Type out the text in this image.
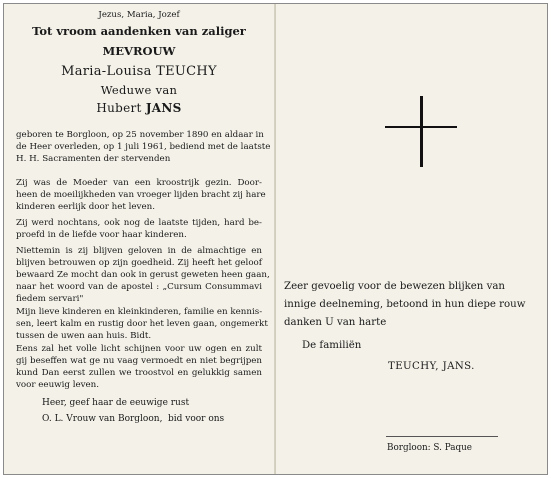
Jezus, Maria, Jozef
Tot vroom aandenken van zaliger
MEVROUW
Maria-Louisa TEUCHY
Weduwe van
Hubert JANS
geboren te Borgloon, op 25 november 1890 en aldaar in
de Heer overleden, op 1 juli 1961, bediend met de laatste
H. H. Sacramenten der stervenden
Zij was de Moeder van een kroostrijk gezin. Door-
heen de moeilijkheden van vroeger lijden bracht zij hare
kinderen eerlijk door het leven.
Zij werd nochtans, ook nog de laatste tijden, hard be-
proefd in de liefde voor haar kinderen.
Niettemin is zij blijven geloven in de almachtige en
blijven betrouwen op zijn goedheid. Zij heeft het geloof
bewaard Ze mocht dan ook in gerust geweten heen gaan,
naar het woord van de apostel : „Cursum Consummavi
fiedem servari"
Mijn lieve kinderen en kleinkinderen, familie en kennis-
sen, leert kalm en rustig door het leven gaan, ongemerkt
tussen de uwen aan huis. Bidt.
Eens zal het volle licht schijnen voor uw ogen en zult
gij beseffen wat ge nu vaag vermoedt en niet begrijpen
kund Dan eerst zullen we troostvol en gelukkig samen
voor eeuwig leven.
Heer, geef haar de eeuwige rust
O. L. Vrouw van Borgloon, bid voor ons
Zeer gevoelig voor de bewezen blijken van
innige deelneming, betoond in hun diepe rouw
danken U van harte
De familiën
TEUCHY, JANS.
Borgloon: S. Paque
